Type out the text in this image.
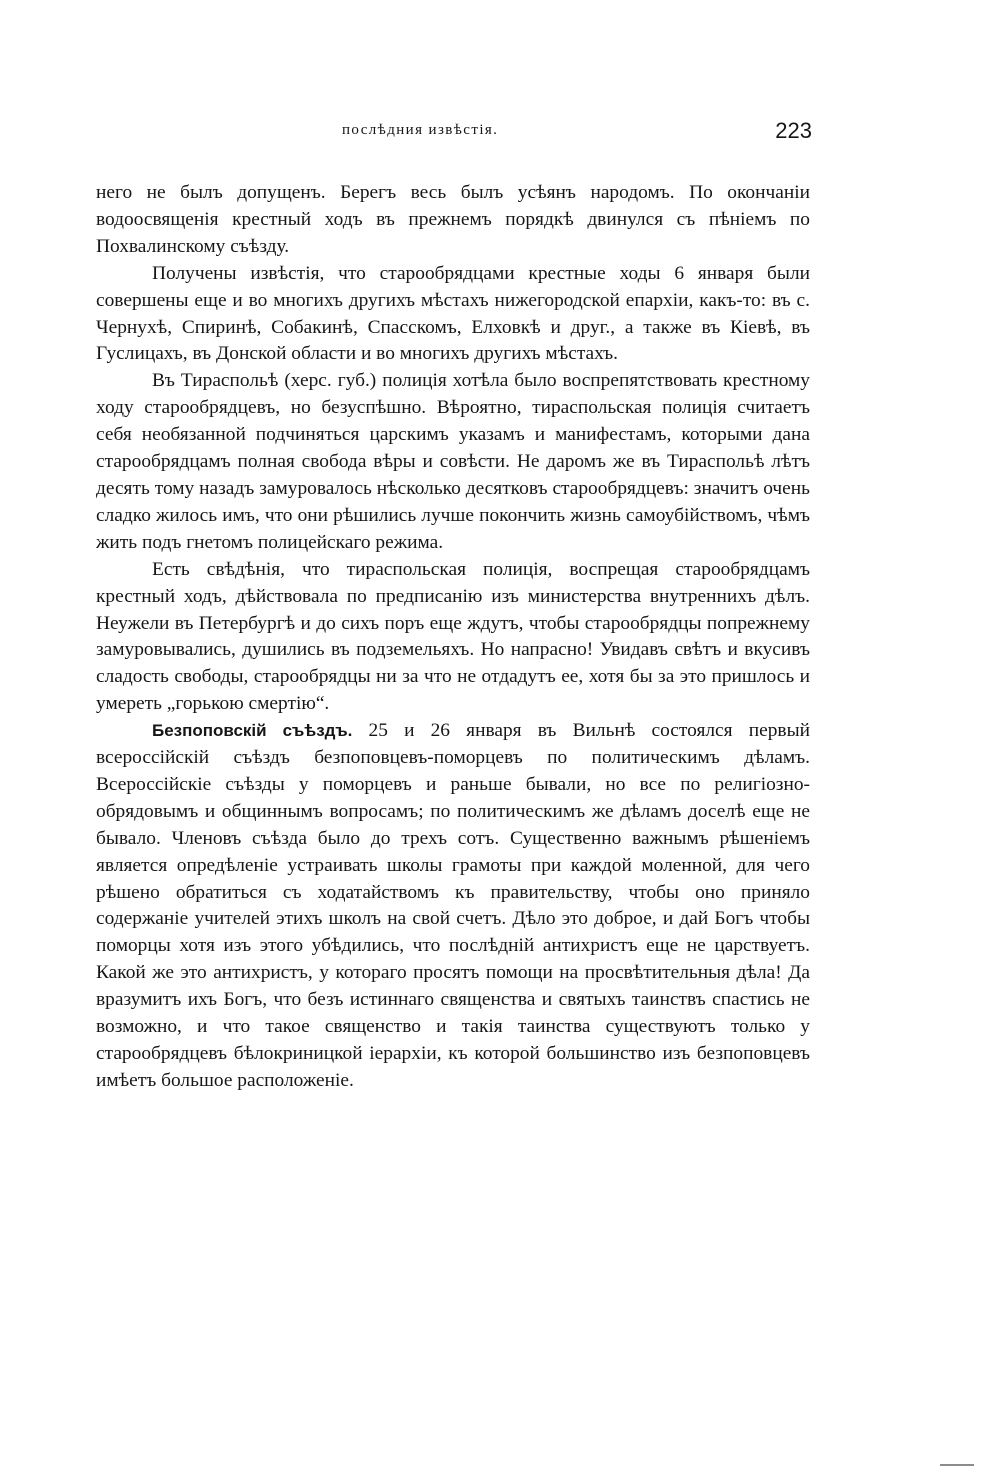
послѣдния извѣстія.	223

него не былъ допущенъ. Берегъ весь былъ усѣянъ народомъ. По окончаніи водоосвященія крестный ходъ въ прежнемъ порядкѣ двинулся съ пѣніемъ по Похвалинскому съѣзду.

Получены извѣстія, что старообрядцами крестные ходы 6 января были совершены еще и во многихъ другихъ мѣстахъ нижегородской епархіи, какъ-то: въ с. Чернухѣ, Спиринѣ, Собакинѣ, Спасскомъ, Елховкѣ и друг., а также въ Кіевѣ, въ Гуслицахъ, въ Донской области и во многихъ другихъ мѣстахъ.

Въ Тираспольѣ (херс. губ.) полиція хотѣла было воспрепятствовать крестному ходу старообрядцевъ, но безуспѣшно. Вѣроятно, тираспольская полиція считаетъ себя необязанной подчиняться царскимъ указамъ и манифестамъ, которыми дана старообрядцамъ полная свобода вѣры и совѣсти. Не даромъ же въ Тираспольѣ лѣтъ десять тому назадъ замуровалось нѣсколько десятковъ старообрядцевъ: значитъ очень сладко жилось имъ, что они рѣшились лучше покончить жизнь самоубійствомъ, чѣмъ жить подъ гнетомъ полицейскаго режима.

Есть свѣдѣнія, что тираспольская полиція, воспрещая старообрядцамъ крестный ходъ, дѣйствовала по предписанію изъ министерства внутреннихъ дѣлъ. Неужели въ Петербургѣ и до сихъ поръ еще ждутъ, чтобы старообрядцы попрежнему замуровывались, душились въ подземельяхъ. Но напрасно! Увидавъ свѣтъ и вкусивъ сладость свободы, старообрядцы ни за что не отдадутъ ее, хотя бы за это пришлось и умереть „горькою смертію“.

Безпоповскій съѣздъ. 25 и 26 января въ Вильнѣ состоялся первый всероссійскій съѣздъ безпоповцевъ-поморцевъ по политическимъ дѣламъ. Всероссійскіе съѣзды у поморцевъ и раньше бывали, но все по религіозно-обрядовымъ и общиннымъ вопросамъ; по политическимъ же дѣламъ доселѣ еще не бывало. Членовъ съѣзда было до трехъ сотъ. Существенно важнымъ рѣшеніемъ является опредѣленіе устраивать школы грамоты при каждой моленной, для чего рѣшено обратиться съ ходатайствомъ къ правительству, чтобы оно приняло содержаніе учителей этихъ школъ на свой счетъ. Дѣло это доброе, и дай Богъ чтобы поморцы хотя изъ этого убѣдились, что послѣдній антихристъ еще не царствуетъ. Какой же это антихристъ, у котораго просятъ помощи на просвѣтительныя дѣла! Да вразумитъ ихъ Богъ, что безъ истиннаго священства и святыхъ таинствъ спастись не возможно, и что такое священство и такія таинства существуютъ только у старообрядцевъ бѣлокриницкой іерархіи, къ которой большинство изъ безпоповцевъ имѣетъ большое расположеніе.
